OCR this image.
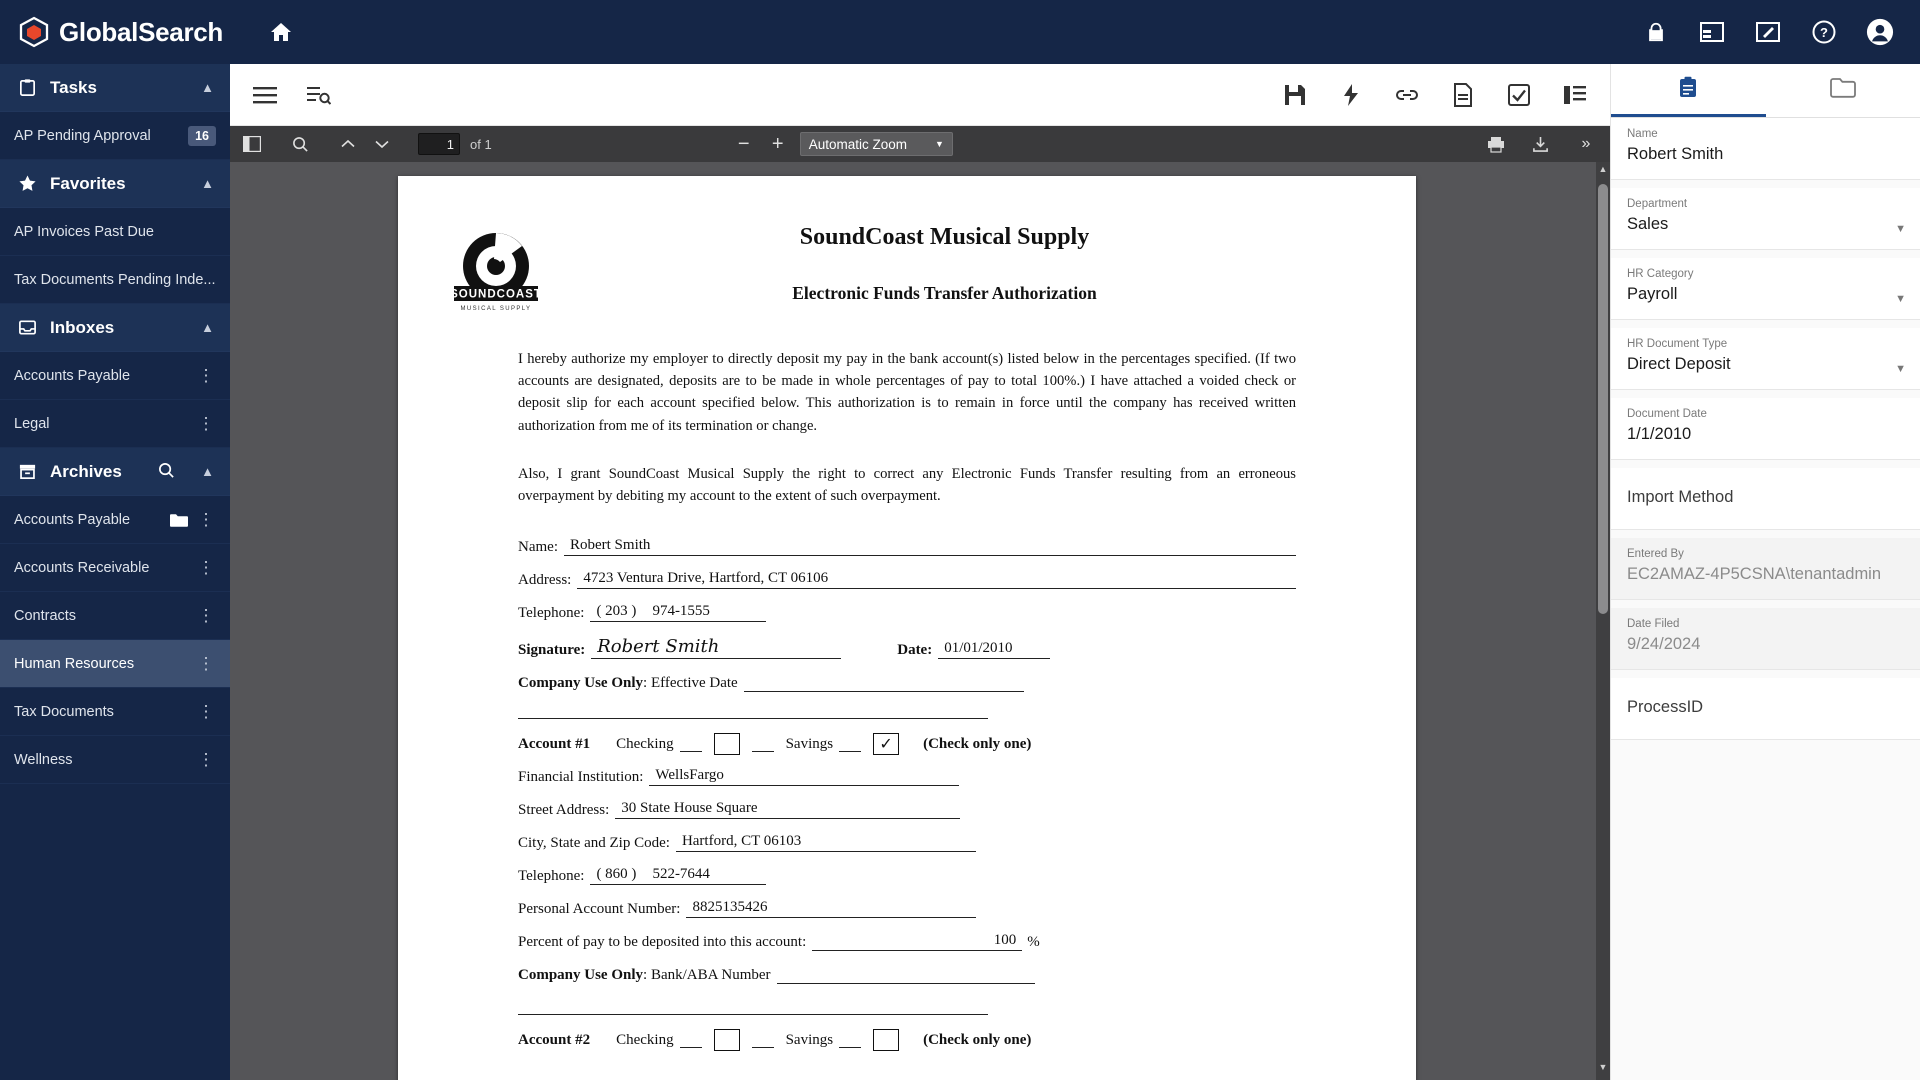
GlobalSearch	?
Tasks	▲
AP Pending Approval	16
Favorites	▲
AP Invoices Past Due
Tax Documents Pending Inde...
Inboxes	▲
Accounts Payable	⋮
Legal	⋮
Archives	▲
Accounts Payable	⋮
Accounts Receivable	⋮
Contracts	⋮
Human Resources	⋮
Tax Documents	⋮
Wellness	⋮
1	of 1	−	+	Automatic Zoom	▼	»
SOUNDCOAST
MUSICAL SUPPLY
SoundCoast Musical Supply
Electronic Funds Transfer Authorization
I hereby authorize my employer to directly deposit my pay in the bank account(s) listed below in the percentages specified. (If two accounts are designated, deposits are to be made in whole percentages of pay to total 100%.) I have attached a voided check or deposit slip for each account specified below. This authorization is to remain in force until the company has received written authorization from me of its termination or change.
Also, I grant SoundCoast Musical Supply the right to correct any Electronic Funds Transfer resulting from an erroneous overpayment by debiting my account to the extent of such overpayment.
Name: Robert Smith
Address: 4723 Ventura Drive, Hartford, CT 06106
Telephone: ( 203 )	974-1555
Signature: Robert Smith	Date: 01/01/2010
Company Use Only : Effective Date
Account #1 Checking	Savings	✓	(Check only one)
Financial Institution: WellsFargo
Street Address: 30 State House Square
City, State and Zip Code: Hartford, CT 06103
Telephone: ( 860 )	522-7644
Personal Account Number: 8825135426
Percent of pay to be deposited into this account:	100 %
Company Use Only : Bank/ABA Number
Account #2 Checking	Savings	(Check only one)
▲
▼
Name
Robert Smith
Department
Sales	▼
HR Category
Payroll	▼
HR Document Type
Direct Deposit	▼
Document Date
1/1/2010
Import Method
Entered By
EC2AMAZ-4P5CSNA\tenantadmin
Date Filed
9/24/2024
ProcessID
